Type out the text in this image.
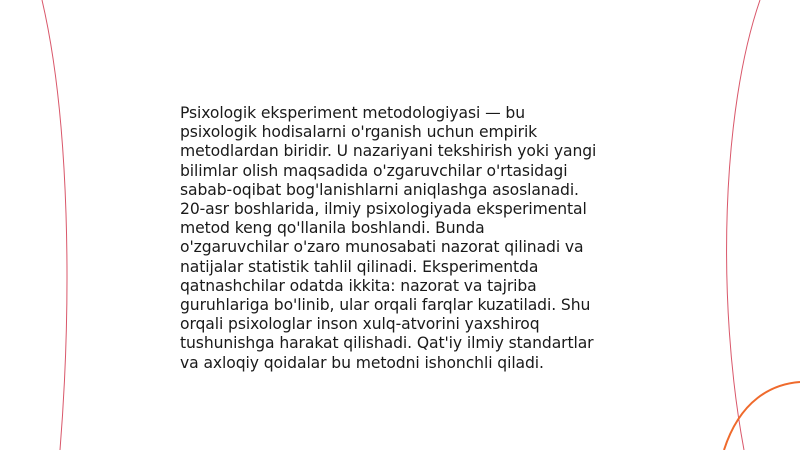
Psixologik eksperiment metodologiyasi — bu
psixologik hodisalarni o'rganish uchun empirik
metodlardan biridir. U nazariyani tekshirish yoki yangi
bilimlar olish maqsadida o'zgaruvchilar o'rtasidagi
sabab-oqibat bog'lanishlarni aniqlashga asoslanadi.
20-asr boshlarida, ilmiy psixologiyada eksperimental
metod keng qo'llanila boshlandi. Bunda
o'zgaruvchilar o'zaro munosabati nazorat qilinadi va
natijalar statistik tahlil qilinadi. Eksperimentda
qatnashchilar odatda ikkita: nazorat va tajriba
guruhlariga bo'linib, ular orqali farqlar kuzatiladi. Shu
orqali psixologlar inson xulq-atvorini yaxshiroq
tushunishga harakat qilishadi. Qat'iy ilmiy standartlar
va axloqiy qoidalar bu metodni ishonchli qiladi.
